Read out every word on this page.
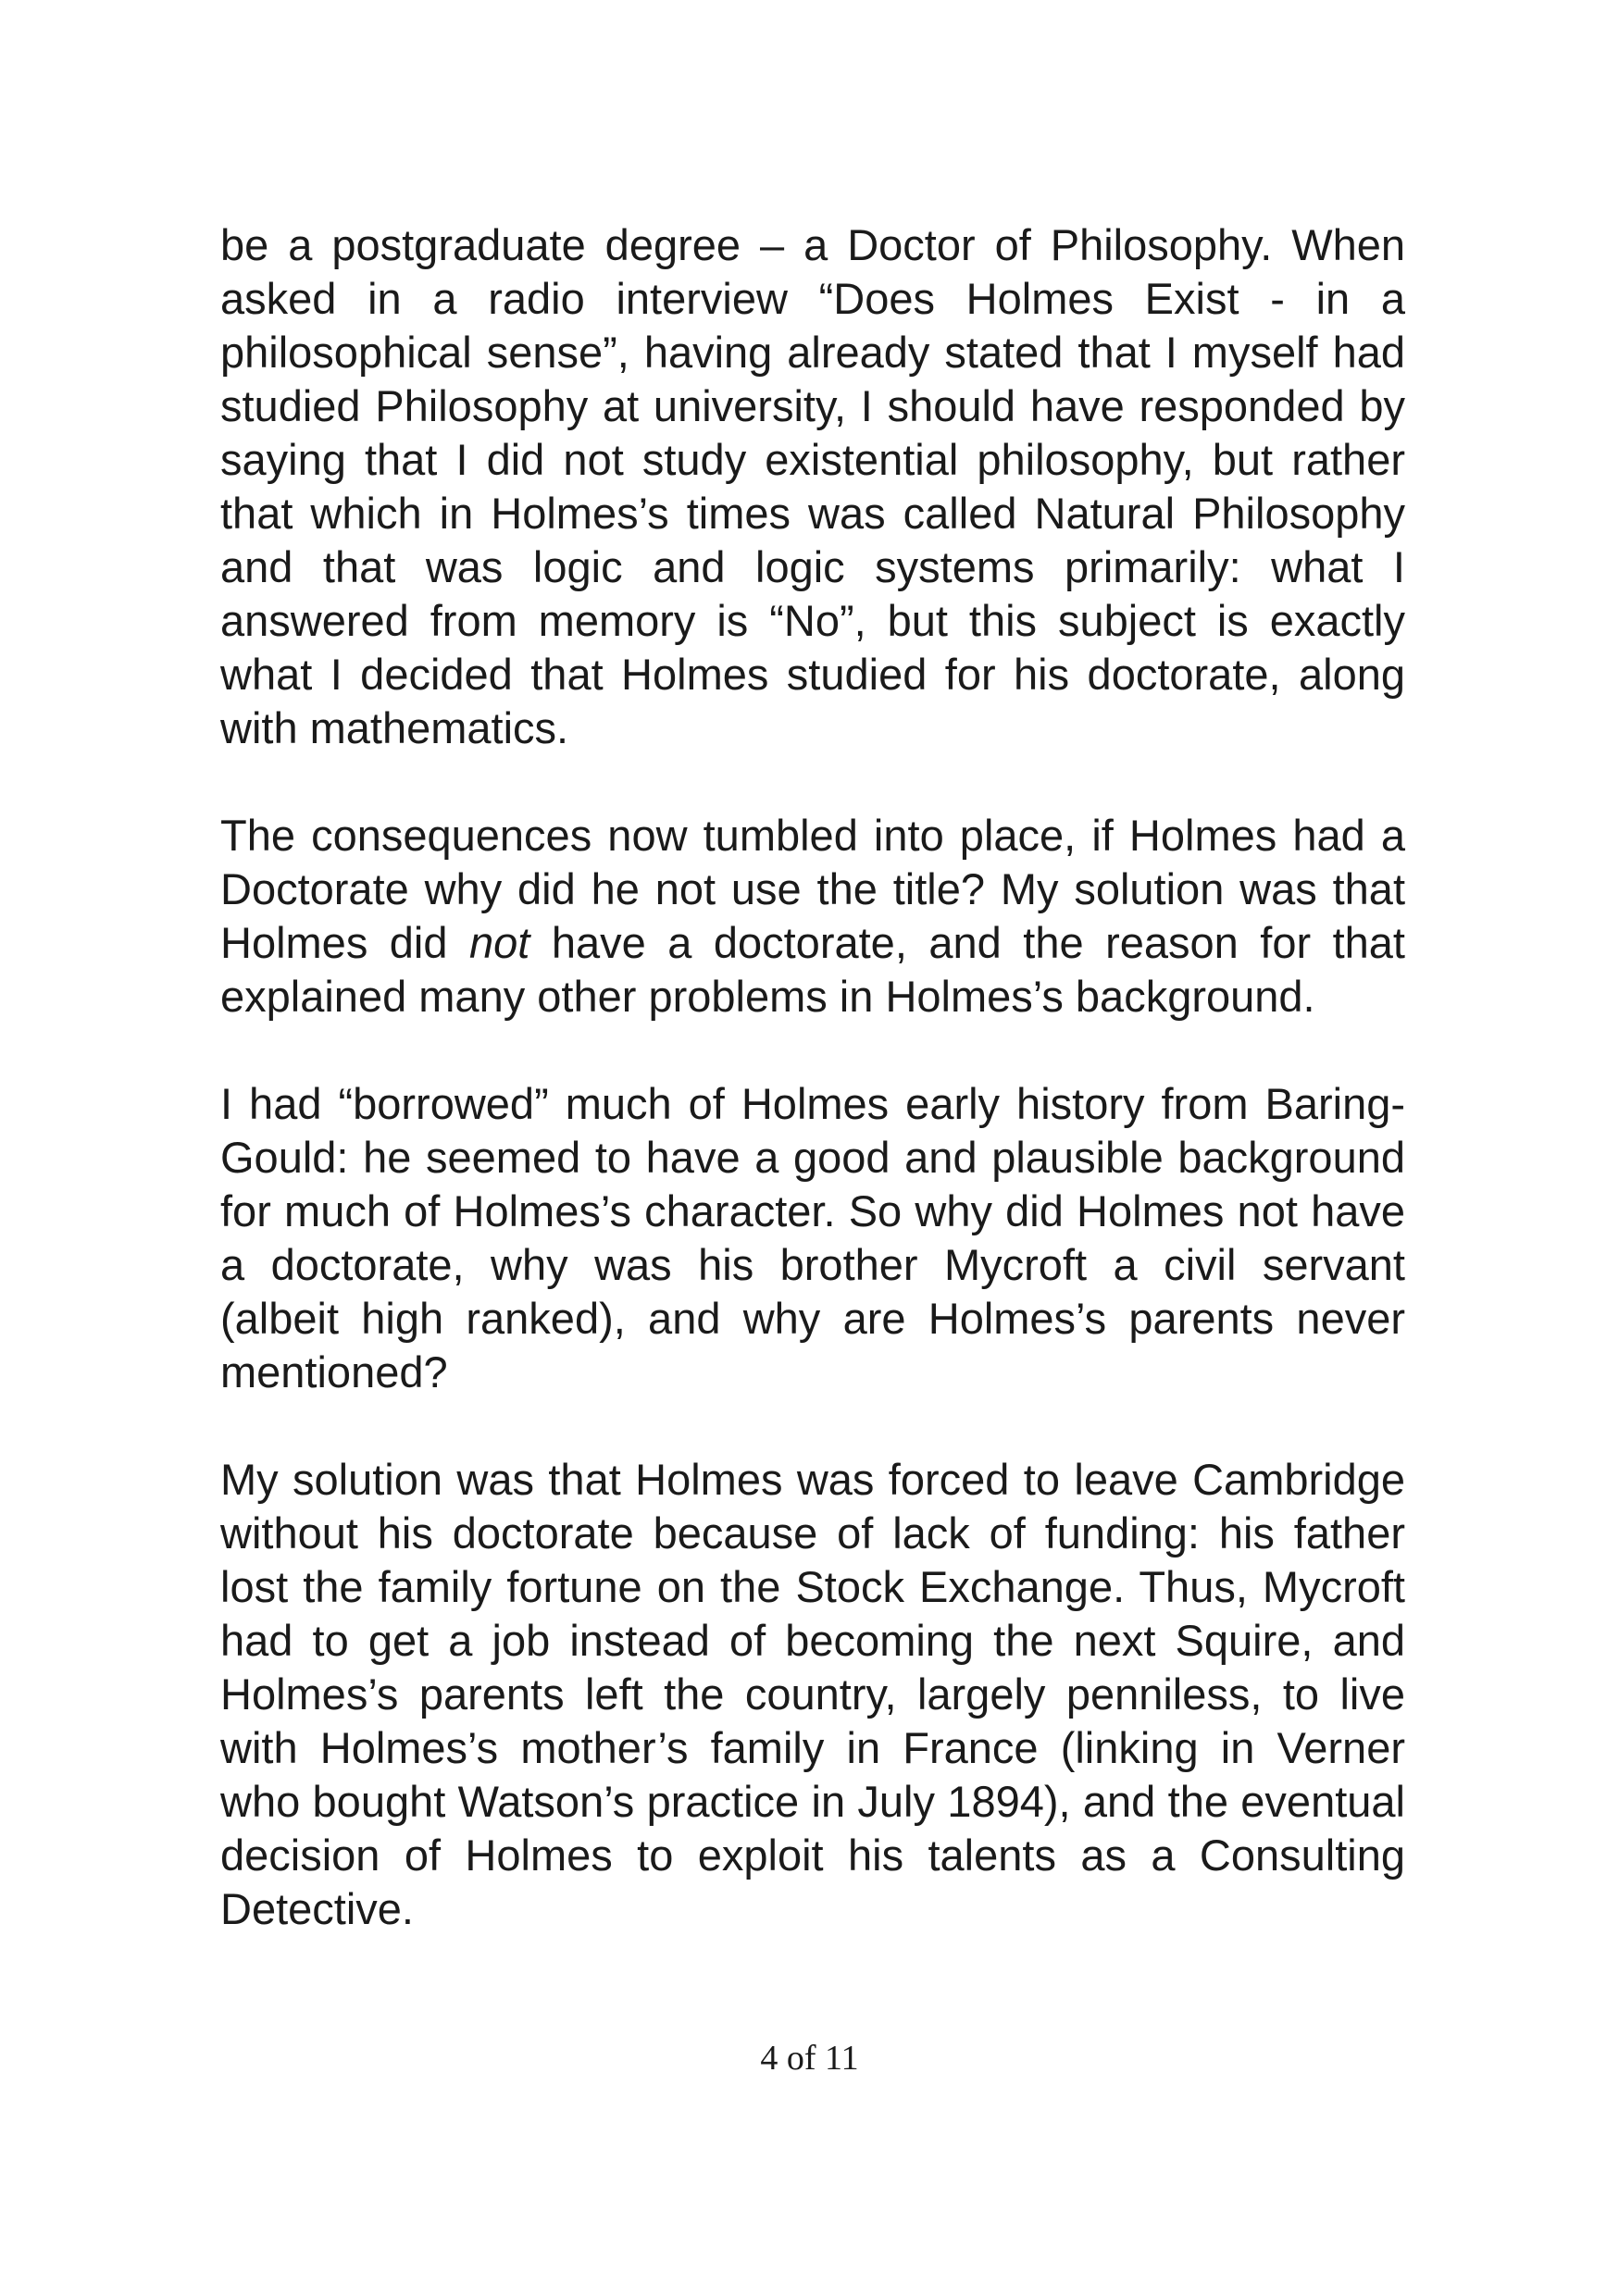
be a postgraduate degree – a Doctor of Philosophy. When asked in a radio interview “Does Holmes Exist - in a philosophical sense”, having already stated that I myself had studied Philosophy at university, I should have responded by saying that I did not study existential philosophy, but rather that which in Holmes’s times was called Natural Philosophy and that was logic and logic systems primarily: what I answered from memory is “No”, but this subject is exactly what I decided that Holmes studied for his doctorate, along with mathematics.

The consequences now tumbled into place, if Holmes had a Doctorate why did he not use the title? My solution was that Holmes did not have a doctorate, and the reason for that explained many other problems in Holmes’s background.

I had “borrowed” much of Holmes early history from Baring-Gould: he seemed to have a good and plausible background for much of Holmes’s character. So why did Holmes not have a doctorate, why was his brother Mycroft a civil servant (albeit high ranked), and why are Holmes’s parents never mentioned?

My solution was that Holmes was forced to leave Cambridge without his doctorate because of lack of funding: his father lost the family fortune on the Stock Exchange. Thus, Mycroft had to get a job instead of becoming the next Squire, and Holmes’s parents left the country, largely penniless, to live with Holmes’s mother’s family in France (linking in Verner who bought Watson’s practice in July 1894), and the eventual decision of Holmes to exploit his talents as a Consulting Detective.

4 of 11
